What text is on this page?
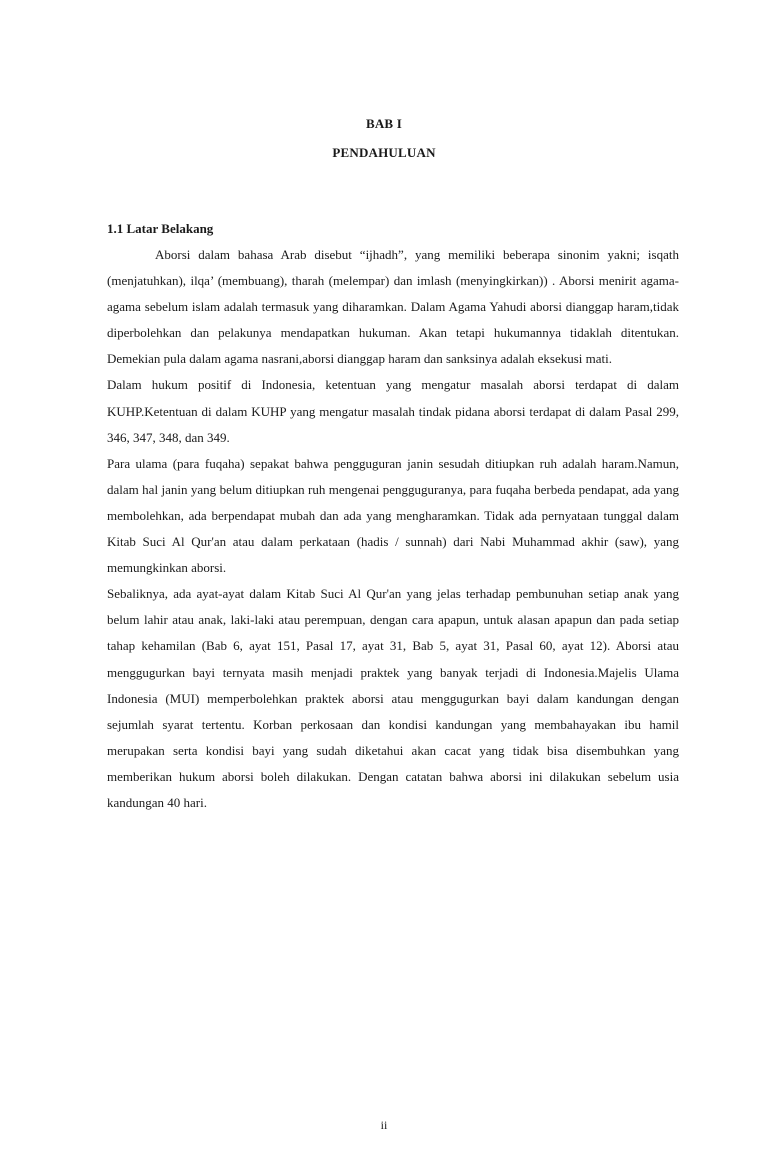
BAB I
PENDAHULUAN
1.1 Latar Belakang

Aborsi dalam bahasa Arab disebut “ijhadh”, yang memiliki beberapa sinonim yakni; isqath (menjatuhkan), ilqa’ (membuang), tharah (melempar) dan imlash (menyingkirkan)) . Aborsi menirit agama-agama sebelum islam adalah termasuk yang diharamkan. Dalam Agama Yahudi aborsi dianggap haram,tidak diperbolehkan dan pelakunya mendapatkan hukuman. Akan tetapi hukumannya tidaklah ditentukan. Demekian pula dalam agama nasrani,aborsi dianggap haram dan sanksinya adalah eksekusi mati.

Dalam hukum positif di Indonesia, ketentuan yang mengatur masalah aborsi terdapat di dalam KUHP.Ketentuan di dalam KUHP yang mengatur masalah tindak pidana aborsi terdapat di dalam Pasal 299, 346, 347, 348, dan 349.

Para ulama (para fuqaha) sepakat bahwa pengguguran janin sesudah ditiupkan ruh adalah haram.Namun, dalam hal janin yang belum ditiupkan ruh mengenai pengguguranya, para fuqaha berbeda pendapat, ada yang membolehkan, ada berpendapat mubah dan ada yang mengharamkan. Tidak ada pernyataan tunggal dalam Kitab Suci Al Qur'an atau dalam perkataan (hadis / sunnah) dari Nabi Muhammad akhir (saw), yang memungkinkan aborsi.

Sebaliknya, ada ayat-ayat dalam Kitab Suci Al Qur'an yang jelas terhadap pembunuhan setiap anak yang belum lahir atau anak, laki-laki atau perempuan, dengan cara apapun, untuk alasan apapun dan pada setiap tahap kehamilan (Bab 6, ayat 151, Pasal 17, ayat 31, Bab 5, ayat 31, Pasal 60, ayat 12). Aborsi atau menggugurkan bayi ternyata masih menjadi praktek yang banyak terjadi di Indonesia.Majelis Ulama Indonesia (MUI) memperbolehkan praktek aborsi atau menggugurkan bayi dalam kandungan dengan sejumlah syarat tertentu. Korban perkosaan dan kondisi kandungan yang membahayakan ibu hamil merupakan serta kondisi bayi yang sudah diketahui akan cacat yang tidak bisa disembuhkan yang memberikan hukum aborsi boleh dilakukan. Dengan catatan bahwa aborsi ini dilakukan sebelum usia kandungan 40 hari.

ii
